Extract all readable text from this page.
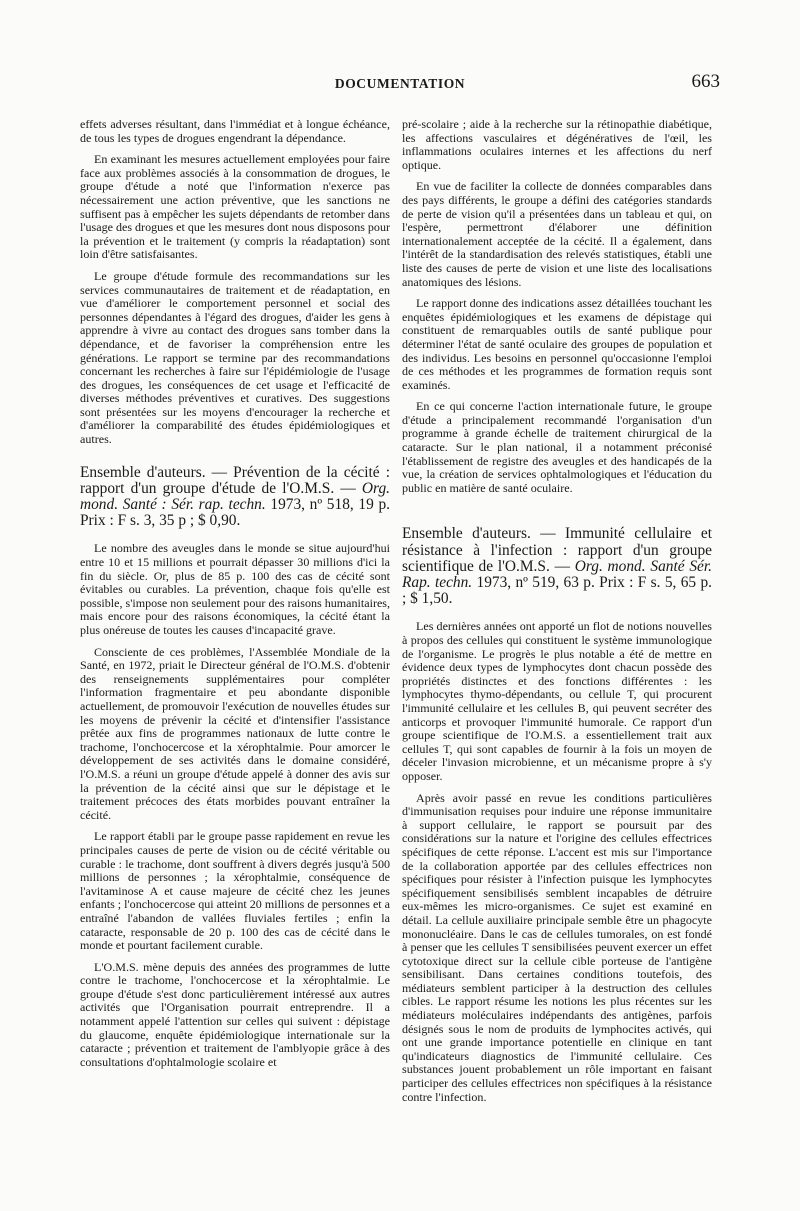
DOCUMENTATION	663

effets adverses résultant, dans l'immédiat et à longue échéance, de tous les types de drogues engendrant la dépendance.

En examinant les mesures actuellement employées pour faire face aux problèmes associés à la consommation de drogues, le groupe d'étude a noté que l'information n'exerce pas nécessairement une action préventive, que les sanctions ne suffisent pas à empêcher les sujets dépendants de retomber dans l'usage des drogues et que les mesures dont nous disposons pour la prévention et le traitement (y compris la réadaptation) sont loin d'être satisfaisantes.

Le groupe d'étude formule des recommandations sur les services communautaires de traitement et de réadaptation, en vue d'améliorer le comportement personnel et social des personnes dépendantes à l'égard des drogues, d'aider les gens à apprendre à vivre au contact des drogues sans tomber dans la dépendance, et de favoriser la compréhension entre les générations. Le rapport se termine par des recommandations concernant les recherches à faire sur l'épidémiologie de l'usage des drogues, les conséquences de cet usage et l'efficacité de diverses méthodes préventives et curatives. Des suggestions sont présentées sur les moyens d'encourager la recherche et d'améliorer la comparabilité des études épidémiologiques et autres.

Ensemble d'auteurs. — Prévention de la cécité : rapport d'un groupe d'étude de l'O.M.S. — Org. mond. Santé : Sér. rap. techn. 1973, nº 518, 19 p. Prix : F s. 3, 35 p ; $ 0,90.

Le nombre des aveugles dans le monde se situe aujourd'hui entre 10 et 15 millions et pourrait dépasser 30 millions d'ici la fin du siècle. Or, plus de 85 p. 100 des cas de cécité sont évitables ou curables. La prévention, chaque fois qu'elle est possible, s'impose non seulement pour des raisons humanitaires, mais encore pour des raisons économiques, la cécité étant la plus onéreuse de toutes les causes d'incapacité grave.

Consciente de ces problèmes, l'Assemblée Mondiale de la Santé, en 1972, priait le Directeur général de l'O.M.S. d'obtenir des renseignements supplémentaires pour compléter l'information fragmentaire et peu abondante disponible actuellement, de promouvoir l'exécution de nouvelles études sur les moyens de prévenir la cécité et d'intensifier l'assistance prêtée aux fins de programmes nationaux de lutte contre le trachome, l'onchocercose et la xérophtalmie. Pour amorcer le développement de ses activités dans le domaine considéré, l'O.M.S. a réuni un groupe d'étude appelé à donner des avis sur la prévention de la cécité ainsi que sur le dépistage et le traitement précoces des états morbides pouvant entraîner la cécité.

Le rapport établi par le groupe passe rapidement en revue les principales causes de perte de vision ou de cécité véritable ou curable : le trachome, dont souffrent à divers degrés jusqu'à 500 millions de personnes ; la xérophtalmie, conséquence de l'avitaminose A et cause majeure de cécité chez les jeunes enfants ; l'onchocercose qui atteint 20 millions de personnes et a entraîné l'abandon de vallées fluviales fertiles ; enfin la cataracte, responsable de 20 p. 100 des cas de cécité dans le monde et pourtant facilement curable.

L'O.M.S. mène depuis des années des programmes de lutte contre le trachome, l'onchocercose et la xérophtalmie. Le groupe d'étude s'est donc particulièrement intéressé aux autres activités que l'Organisation pourrait entreprendre. Il a notamment appelé l'attention sur celles qui suivent : dépistage du glaucome, enquête épidémiologique internationale sur la cataracte ; prévention et traitement de l'amblyopie grâce à des consultations d'ophtalmologie scolaire et

pré-scolaire ; aide à la recherche sur la rétinopathie diabétique, les affections vasculaires et dégénératives de l'œil, les inflammations oculaires internes et les affections du nerf optique.

En vue de faciliter la collecte de données comparables dans des pays différents, le groupe a défini des catégories standards de perte de vision qu'il a présentées dans un tableau et qui, on l'espère, permettront d'élaborer une définition internationalement acceptée de la cécité. Il a également, dans l'intérêt de la standardisation des relevés statistiques, établi une liste des causes de perte de vision et une liste des localisations anatomiques des lésions.

Le rapport donne des indications assez détaillées touchant les enquêtes épidémiologiques et les examens de dépistage qui constituent de remarquables outils de santé publique pour déterminer l'état de santé oculaire des groupes de population et des individus. Les besoins en personnel qu'occasionne l'emploi de ces méthodes et les programmes de formation requis sont examinés.

En ce qui concerne l'action internationale future, le groupe d'étude a principalement recommandé l'organisation d'un programme à grande échelle de traitement chirurgical de la cataracte. Sur le plan national, il a notamment préconisé l'établissement de registre des aveugles et des handicapés de la vue, la création de services ophtalmologiques et l'éducation du public en matière de santé oculaire.

Ensemble d'auteurs. — Immunité cellulaire et résistance à l'infection : rapport d'un groupe scientifique de l'O.M.S. — Org. mond. Santé Sér. Rap. techn. 1973, nº 519, 63 p. Prix : F s. 5, 65 p. ; $ 1,50.

Les dernières années ont apporté un flot de notions nouvelles à propos des cellules qui constituent le système immunologique de l'organisme. Le progrès le plus notable a été de mettre en évidence deux types de lymphocytes dont chacun possède des propriétés distinctes et des fonctions différentes : les lymphocytes thymo-dépendants, ou cellule T, qui procurent l'immunité cellulaire et les cellules B, qui peuvent secréter des anticorps et provoquer l'immunité humorale. Ce rapport d'un groupe scientifique de l'O.M.S. a essentiellement trait aux cellules T, qui sont capables de fournir à la fois un moyen de déceler l'invasion microbienne, et un mécanisme propre à s'y opposer.

Après avoir passé en revue les conditions particulières d'immunisation requises pour induire une réponse immunitaire à support cellulaire, le rapport se poursuit par des considérations sur la nature et l'origine des cellules effectrices spécifiques de cette réponse. L'accent est mis sur l'importance de la collaboration apportée par des cellules effectrices non spécifiques pour résister à l'infection puisque les lymphocytes spécifiquement sensibilisés semblent incapables de détruire eux-mêmes les micro-organismes. Ce sujet est examiné en détail. La cellule auxiliaire principale semble être un phagocyte mononucléaire. Dans le cas de cellules tumorales, on est fondé à penser que les cellules T sensibilisées peuvent exercer un effet cytotoxique direct sur la cellule cible porteuse de l'antigène sensibilisant. Dans certaines conditions toutefois, des médiateurs semblent participer à la destruction des cellules cibles. Le rapport résume les notions les plus récentes sur les médiateurs moléculaires indépendants des antigènes, parfois désignés sous le nom de produits de lymphocites activés, qui ont une grande importance potentielle en clinique en tant qu'indicateurs diagnostics de l'immunité cellulaire. Ces substances jouent probablement un rôle important en faisant participer des cellules effectrices non spécifiques à la résistance contre l'infection.
